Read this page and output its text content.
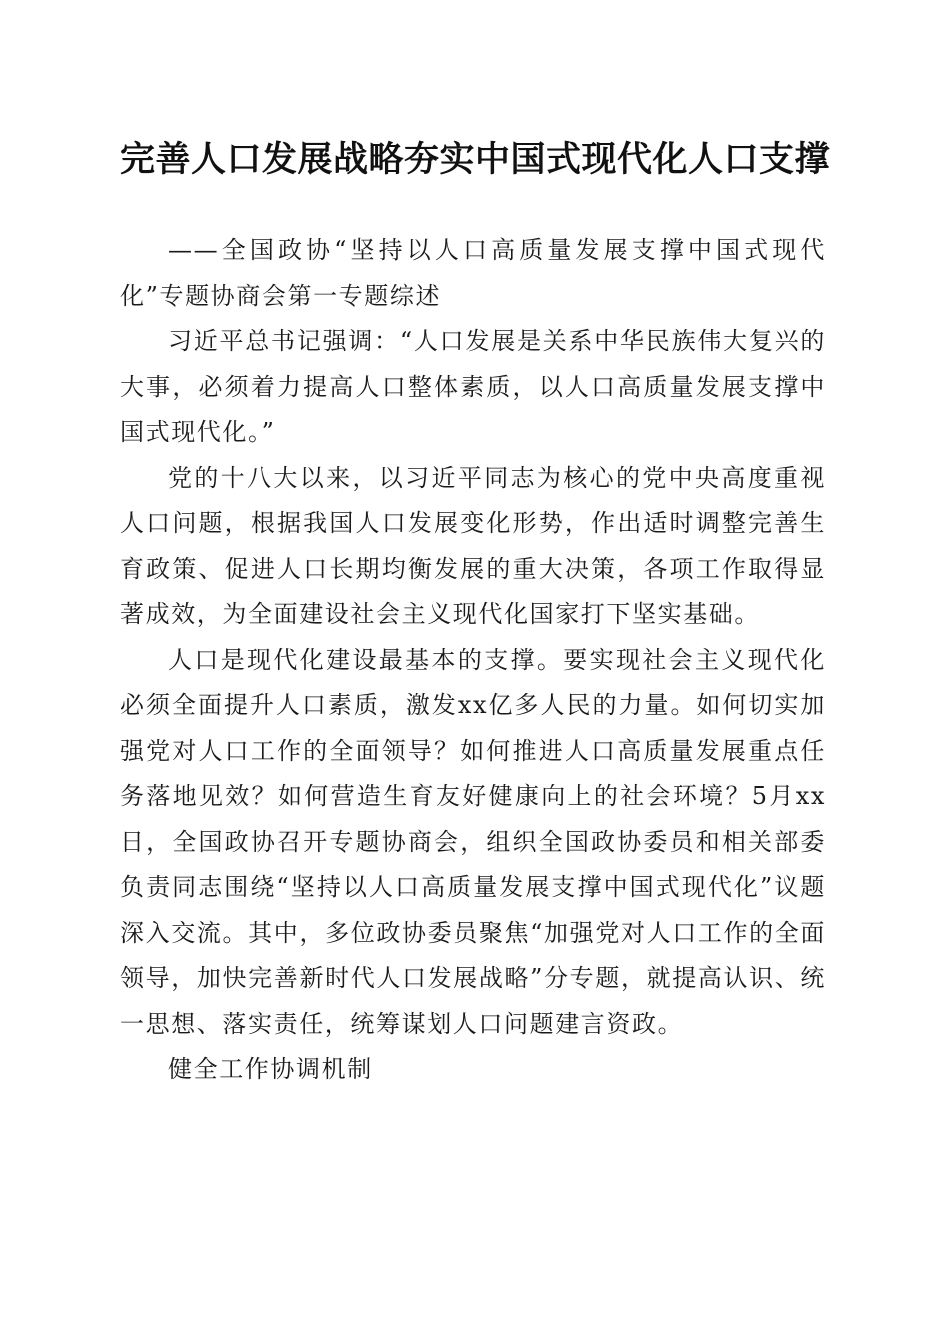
完善人口发展战略夯实中国式现代化人口支撑

——全国政协“坚持以人口高质量发展支撑中国式现代化”专题协商会第一专题综述

习近平总书记强调：“人口发展是关系中华民族伟大复兴的大事，必须着力提高人口整体素质，以人口高质量发展支撑中国式现代化。”

党的十八大以来，以习近平同志为核心的党中央高度重视人口问题，根据我国人口发展变化形势，作出适时调整完善生育政策、促进人口长期均衡发展的重大决策，各项工作取得显著成效，为全面建设社会主义现代化国家打下坚实基础。

人口是现代化建设最基本的支撑。要实现社会主义现代化必须全面提升人口素质，激发xx亿多人民的力量。如何切实加强党对人口工作的全面领导？如何推进人口高质量发展重点任务落地见效？如何营造生育友好健康向上的社会环境？5月xx日，全国政协召开专题协商会，组织全国政协委员和相关部委负责同志围绕“坚持以人口高质量发展支撑中国式现代化”议题深入交流。其中，多位政协委员聚焦“加强党对人口工作的全面领导，加快完善新时代人口发展战略”分专题，就提高认识、统一思想、落实责任，统筹谋划人口问题建言资政。

健全工作协调机制
